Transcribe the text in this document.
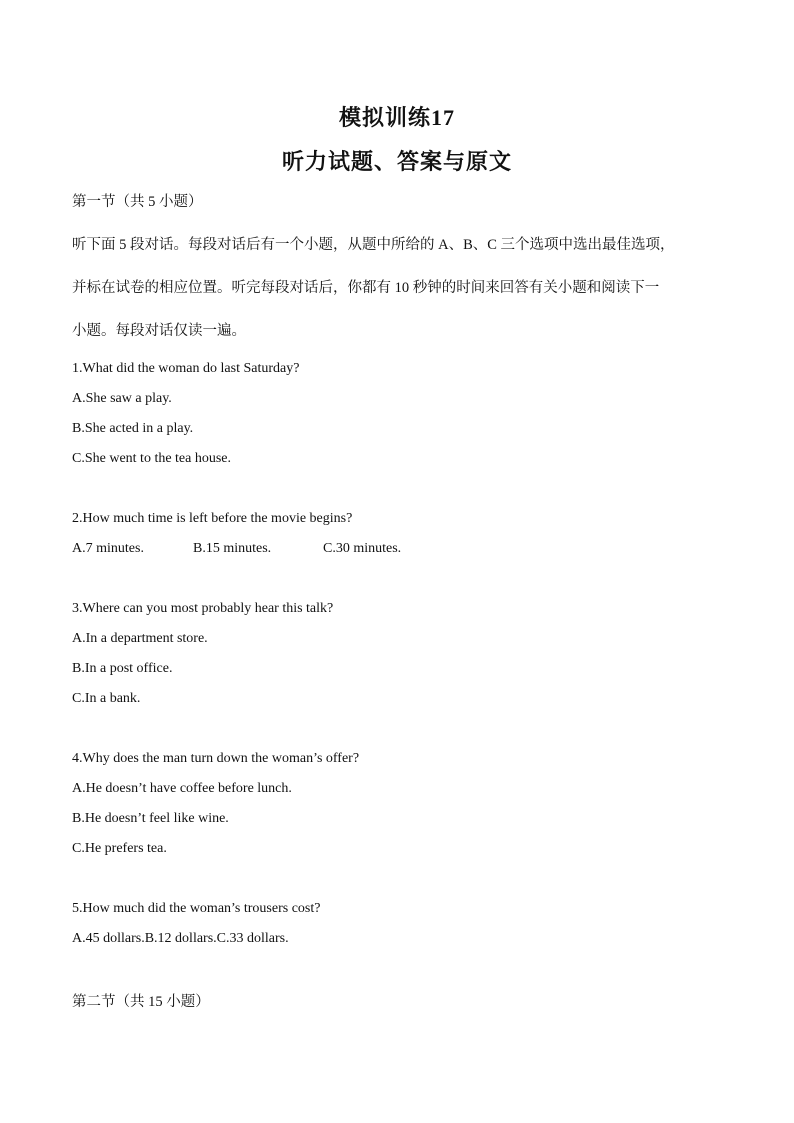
模拟训练17
听力试题、答案与原文
第一节（共 5 小题）
听下面 5 段对话。每段对话后有一个小题，从题中所给的 A、B、C 三个选项中选出最佳选项，
并标在试卷的相应位置。听完每段对话后，你都有 10 秒钟的时间来回答有关小题和阅读下一
小题。每段对话仅读一遍。
1.What did the woman do last Saturday?
A.She saw a play.
B.She acted in a play.
C.She went to the tea house.
2.How much time is left before the movie begins?
A.7 minutes.	B.15 minutes.	C.30 minutes.
3.Where can you most probably hear this talk?
A.In a department store.
B.In a post office.
C.In a bank.
4.Why does the man turn down the woman’s offer?
A.He doesn’t have coffee before lunch.
B.He doesn’t feel like wine.
C.He prefers tea.
5.How much did the woman’s trousers cost?
A.45 dollars.B.12 dollars.C.33 dollars.
第二节（共 15 小题）
